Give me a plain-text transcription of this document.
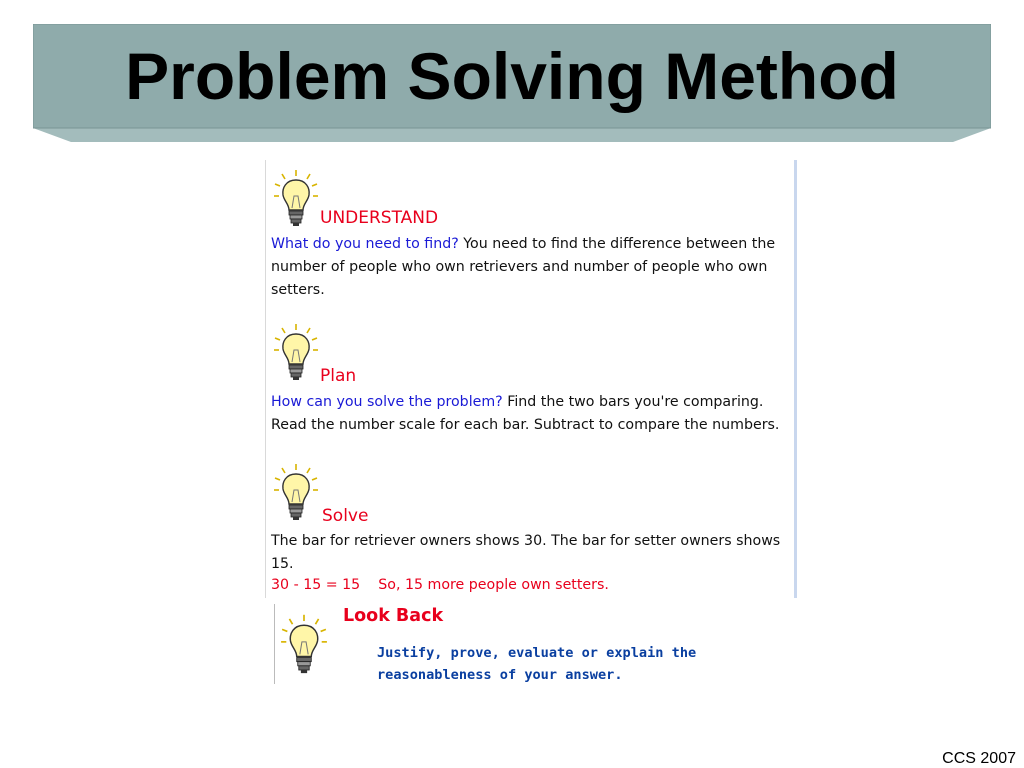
Problem Solving Method

UNDERSTAND

What do you need to find? You need to find the difference between the number of people who own retrievers and number of people who own setters.

Plan

How can you solve the problem? Find the two bars you're comparing. Read the number scale for each bar. Subtract to compare the numbers.

Solve

The bar for retriever owners shows 30. The bar for setter owners shows 15.

30 - 15 = 15 So, 15 more people own setters.

Look Back

Justify, prove, evaluate or explain the reasonableness of your answer.

CCS 2007
